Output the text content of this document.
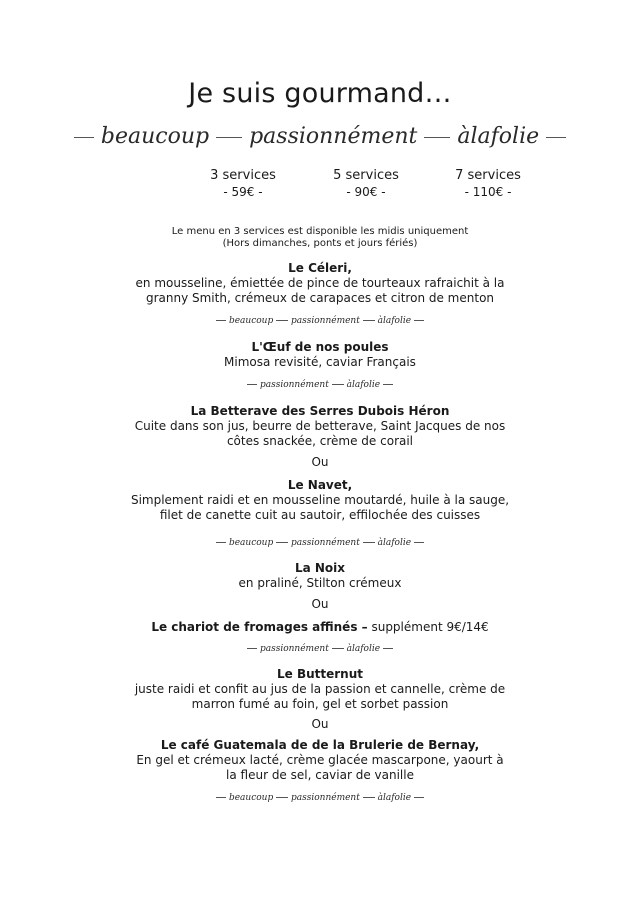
Je suis gourmand…
beaucoup passionnément àlafolie
3 services
- 59€ -
5 services
- 90€ -
7 services
- 110€ -
Le menu en 3 services est disponible les midis uniquement
(Hors dimanches, ponts et jours fériés)
Le Céleri,
en mousseline, émiettée de pince de tourteaux rafraichit à la
granny Smith, crémeux de carapaces et citron de menton
beaucoup passionnément àlafolie
L'Œuf de nos poules
Mimosa revisité, caviar Français
passionnément àlafolie
La Betterave des Serres Dubois Héron
Cuite dans son jus, beurre de betterave, Saint Jacques de nos
côtes snackée, crème de corail
Ou
Le Navet,
Simplement raidi et en mousseline moutardé, huile à la sauge,
filet de canette cuit au sautoir, effilochée des cuisses
beaucoup passionnément àlafolie
La Noix
en praliné, Stilton crémeux
Ou
Le chariot de fromages affinés – supplément 9€/14€
passionnément àlafolie
Le Butternut
juste raidi et confit au jus de la passion et cannelle, crème de
marron fumé au foin, gel et sorbet passion
Ou
Le café Guatemala de de la Brulerie de Bernay,
En gel et crémeux lacté, crème glacée mascarpone, yaourt à
la fleur de sel, caviar de vanille
beaucoup passionnément àlafolie
